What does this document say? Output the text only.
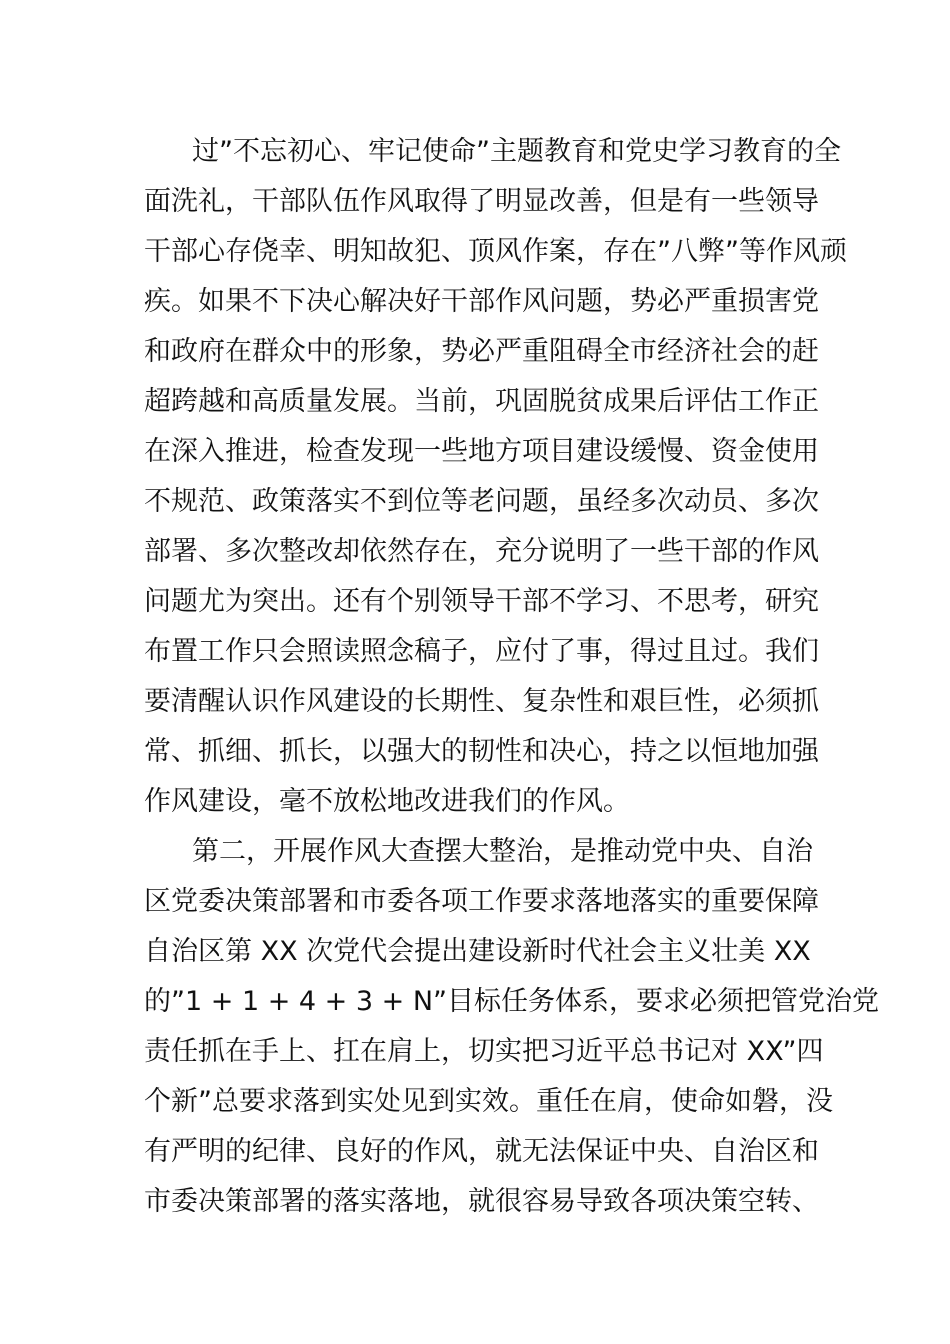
过”不忘初心、牢记使命”主题教育和党史学习教育的全
面洗礼，干部队伍作风取得了明显改善，但是有一些领导
干部心存侥幸、明知故犯、顶风作案，存在”八弊”等作风顽
疾。如果不下决心解决好干部作风问题，势必严重损害党
和政府在群众中的形象，势必严重阻碍全市经济社会的赶
超跨越和高质量发展。当前，巩固脱贫成果后评估工作正
在深入推进，检查发现一些地方项目建设缓慢、资金使用
不规范、政策落实不到位等老问题，虽经多次动员、多次
部署、多次整改却依然存在，充分说明了一些干部的作风
问题尤为突出。还有个别领导干部不学习、不思考，研究
布置工作只会照读照念稿子，应付了事，得过且过。我们
要清醒认识作风建设的长期性、复杂性和艰巨性，必须抓
常、抓细、抓长，以强大的韧性和决心，持之以恒地加强
作风建设，毫不放松地改进我们的作风。
第二，开展作风大查摆大整治，是推动党中央、自治
区党委决策部署和市委各项工作要求落地落实的重要保障
自治区第 XX 次党代会提出建设新时代社会主义壮美 XX
的”1 + 1 + 4 + 3 + N”目标任务体系，要求必须把管党治党
责任抓在手上、扛在肩上，切实把习近平总书记对 XX”四
个新”总要求落到实处见到实效。重任在肩，使命如磐，没
有严明的纪律、良好的作风，就无法保证中央、自治区和
市委决策部署的落实落地，就很容易导致各项决策空转、
